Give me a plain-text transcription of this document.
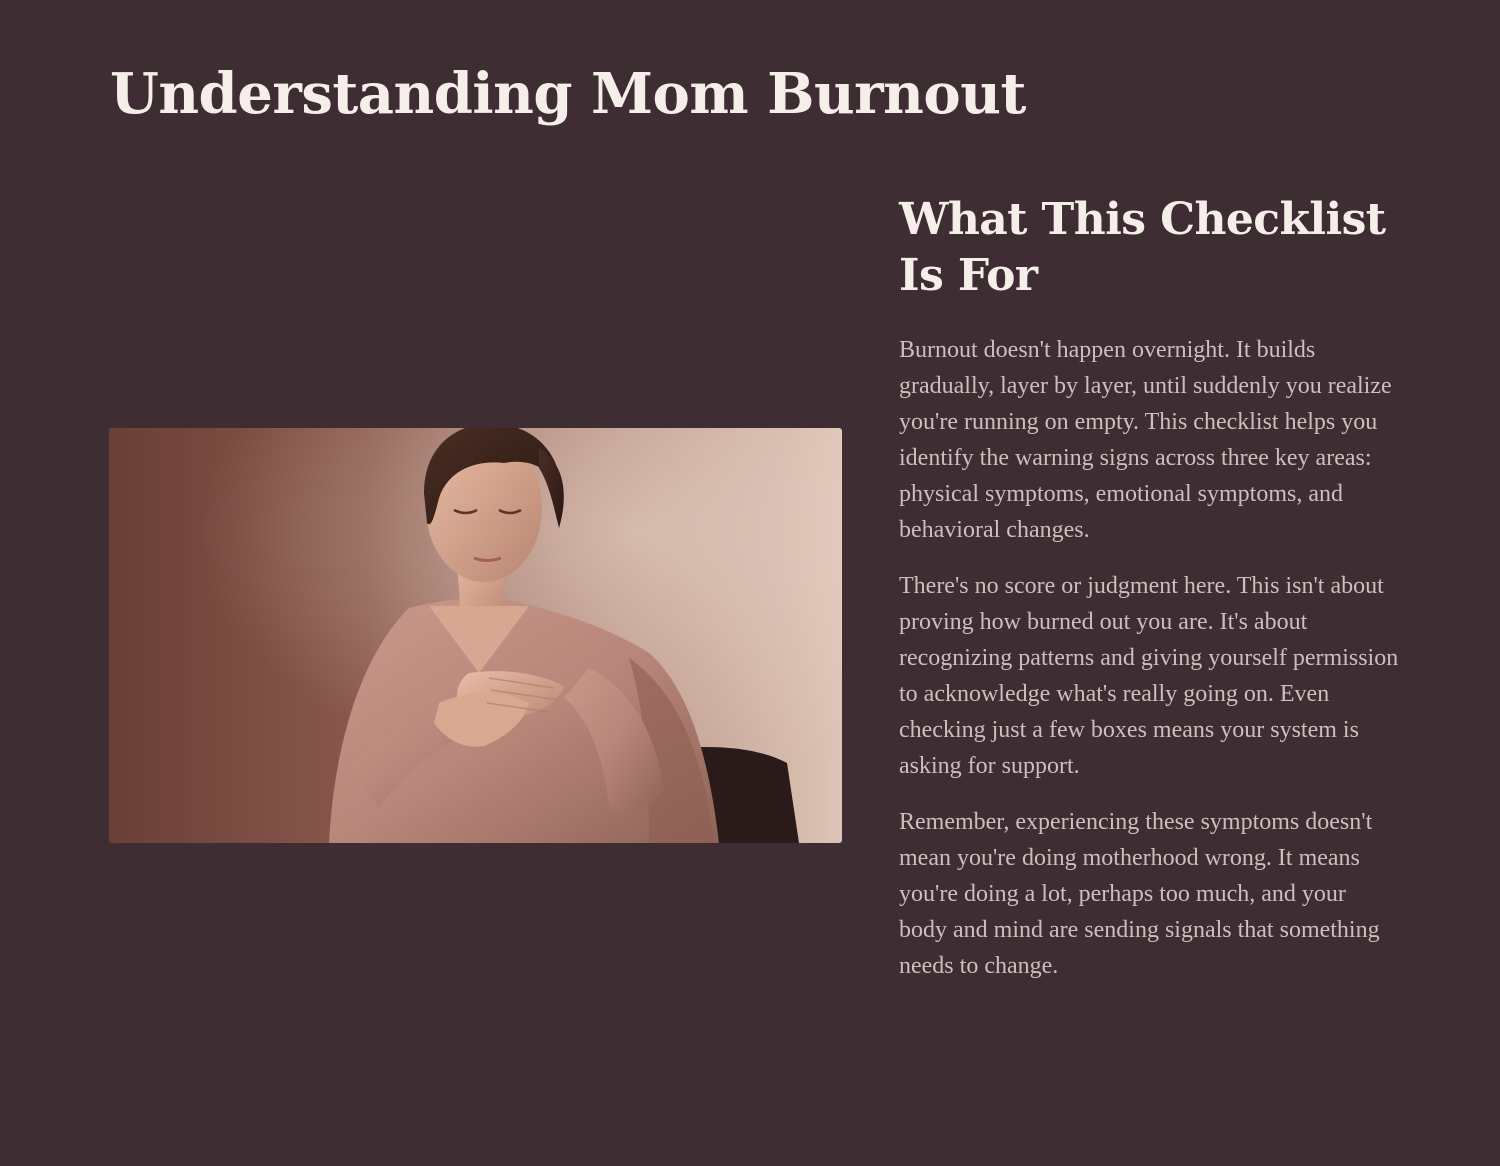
Understanding Mom Burnout
What This Checklist Is For

Burnout doesn't happen overnight. It builds gradually, layer by layer, until suddenly you realize you're running on empty. This checklist helps you identify the warning signs across three key areas: physical symptoms, emotional symptoms, and behavioral changes.

There's no score or judgment here. This isn't about proving how burned out you are. It's about recognizing patterns and giving yourself permission to acknowledge what's really going on. Even checking just a few boxes means your system is asking for support.

Remember, experiencing these symptoms doesn't mean you're doing motherhood wrong. It means you're doing a lot, perhaps too much, and your body and mind are sending signals that something needs to change.
